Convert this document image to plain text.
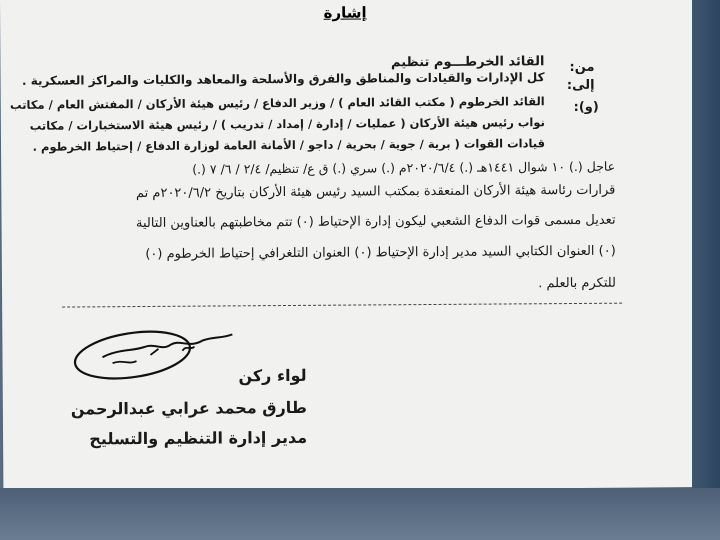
إشارة
من:
القائد الخرطـــوم تنظيم
إلى:
كل الإدارات والقيادات والمناطق والفرق والأسلحة والمعاهد والكليات والمراكز العسكرية .
(و):
القائد الخرطوم ( مكتب القائد العام ) / وزير الدفاع / رئيس هيئة الأركان / المفتش العام / مكاتب
نواب رئيس هيئة الأركان ( عمليات / إدارة / إمداد / تدريب ) / رئيس هيئة الاستخبارات / مكاتب
قيادات القوات ( برية / جوية / بحرية / داجو / الأمانة العامة لوزارة الدفاع / إحتياط الخرطوم .
عاجل (.) ١٠ شوال ١٤٤١هـ (.) ٢٠٢٠/٦/٤م (.) سري (.) ق ع/ تنظيم/ ٢/٤ / ٦/ ٧ (.)
قرارات رئاسة هيئة الأركان المنعقدة بمكتب السيد رئيس هيئة الأركان بتاريخ ٢٠٢٠/٦/٢م تم
تعديل مسمى قوات الدفاع الشعبي ليكون إدارة الإحتياط (٠) تتم مخاطبتهم بالعناوين التالية
(٠) العنوان الكتابي السيد مدير إدارة الإحتياط (٠) العنوان التلغرافي إحتياط الخرطوم (٠)
للتكرم بالعلم .
لواء ركن
طارق محمد عرابي عبدالرحمن
مدير إدارة التنظيم والتسليح
